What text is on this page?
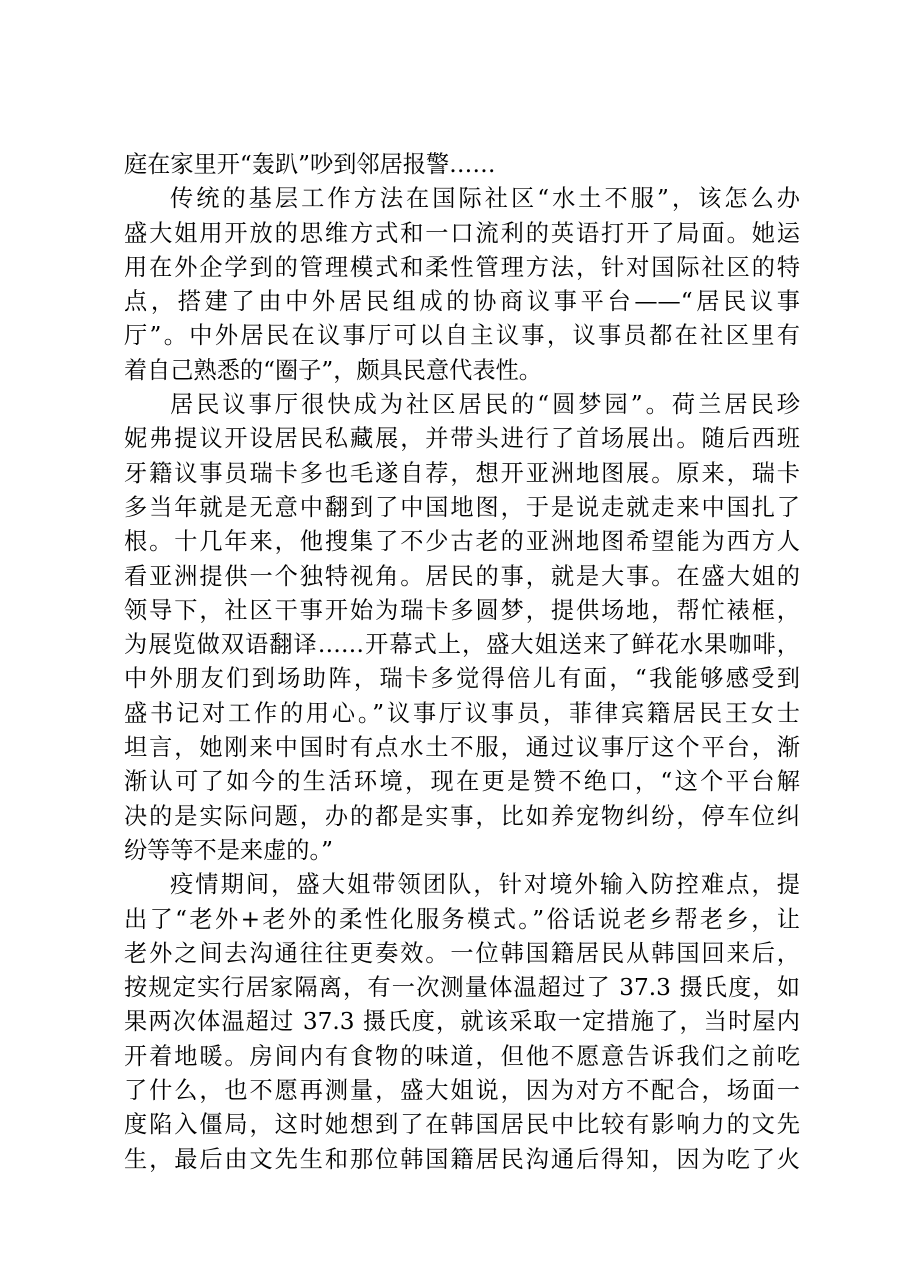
庭在家里开“轰趴”吵到邻居报警……
传统的基层工作方法在国际社区“水土不服”，该怎么办
盛大姐用开放的思维方式和一口流利的英语打开了局面。她运
用在外企学到的管理模式和柔性管理方法，针对国际社区的特
点，搭建了由中外居民组成的协商议事平台——“居民议事
厅”。中外居民在议事厅可以自主议事，议事员都在社区里有
着自己熟悉的“圈子”，颇具民意代表性。
居民议事厅很快成为社区居民的“圆梦园”。荷兰居民珍
妮弗提议开设居民私藏展，并带头进行了首场展出。随后西班
牙籍议事员瑞卡多也毛遂自荐，想开亚洲地图展。原来，瑞卡
多当年就是无意中翻到了中国地图，于是说走就走来中国扎了
根。十几年来，他搜集了不少古老的亚洲地图希望能为西方人
看亚洲提供一个独特视角。居民的事，就是大事。在盛大姐的
领导下，社区干事开始为瑞卡多圆梦，提供场地，帮忙裱框，
为展览做双语翻译……开幕式上，盛大姐送来了鲜花水果咖啡，
中外朋友们到场助阵，瑞卡多觉得倍儿有面，“我能够感受到
盛书记对工作的用心。”议事厅议事员，菲律宾籍居民王女士
坦言，她刚来中国时有点水土不服，通过议事厅这个平台，渐
渐认可了如今的生活环境，现在更是赞不绝口，“这个平台解
决的是实际问题，办的都是实事，比如养宠物纠纷，停车位纠
纷等等不是来虚的。”
疫情期间，盛大姐带领团队，针对境外输入防控难点，提
出了“老外+老外的柔性化服务模式。”俗话说老乡帮老乡，让
老外之间去沟通往往更奏效。一位韩国籍居民从韩国回来后，
按规定实行居家隔离，有一次测量体温超过了 37.3 摄氏度，如
果两次体温超过 37.3 摄氏度，就该采取一定措施了，当时屋内
开着地暖。房间内有食物的味道，但他不愿意告诉我们之前吃
了什么，也不愿再测量，盛大姐说，因为对方不配合，场面一
度陷入僵局，这时她想到了在韩国居民中比较有影响力的文先
生，最后由文先生和那位韩国籍居民沟通后得知，因为吃了火
